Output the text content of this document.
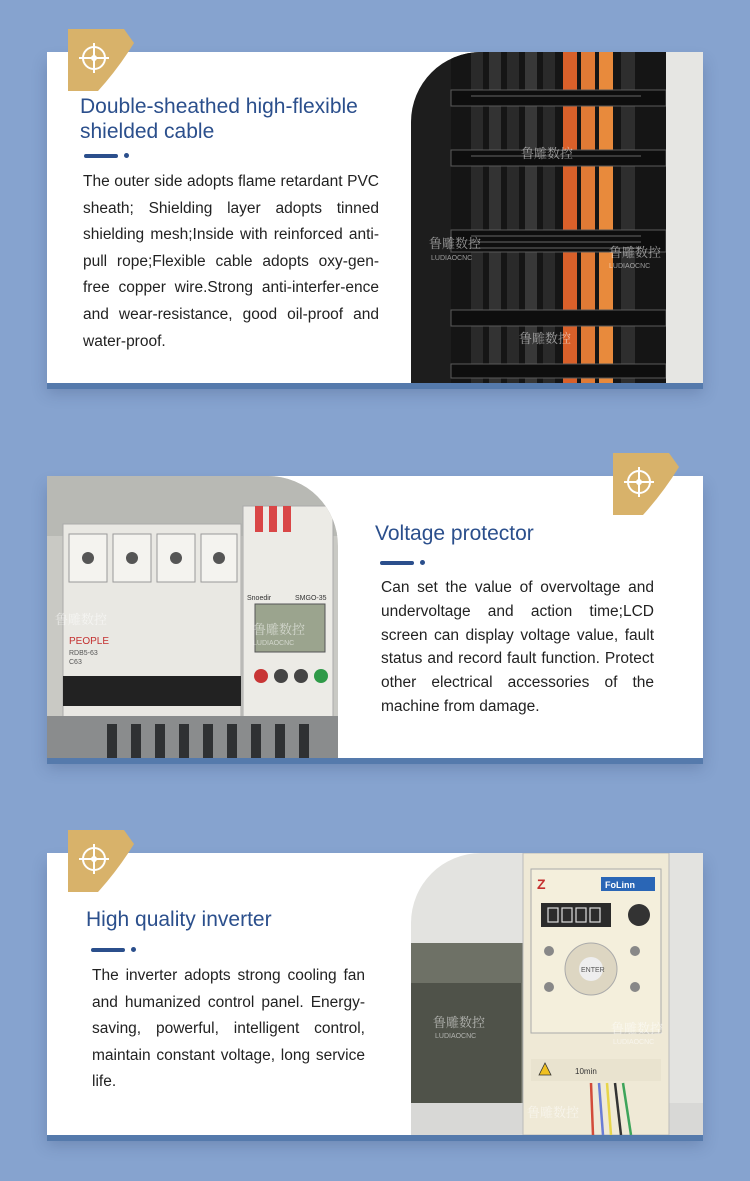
鲁雕数控
鲁雕数控
鲁雕数控
鲁雕数控
LUDIAOCNC
LUDIAOCNC
Double-sheathed high-flexible
shielded cable

The outer side adopts flame retardant PVC sheath; Shielding layer adopts tinned shielding mesh;Inside with reinforced anti-pull rope;Flexible cable adopts oxy-gen-free copper wire.Strong anti-interfer-ence and wear-resistance, good oil-proof and water-proof.

PEOPLE
RDB5-63
C63
Snoedir	SMGO-35
鲁雕数控
鲁雕数控
LUDIAOCNC
Voltage protector

Can set the value of overvoltage and undervoltage and action time;LCD screen can display voltage value, fault status and record fault function. Protect other electrical accessories of the machine from damage.

Z	FoLinn
ENTER
10min
鲁雕数控	鲁雕数控
鲁雕数控
LUDIAOCNC
LUDIAOCNC
High quality inverter

The inverter adopts strong cooling fan and humanized control panel. Energy-saving, powerful, intelligent control, maintain constant voltage, long service life.
